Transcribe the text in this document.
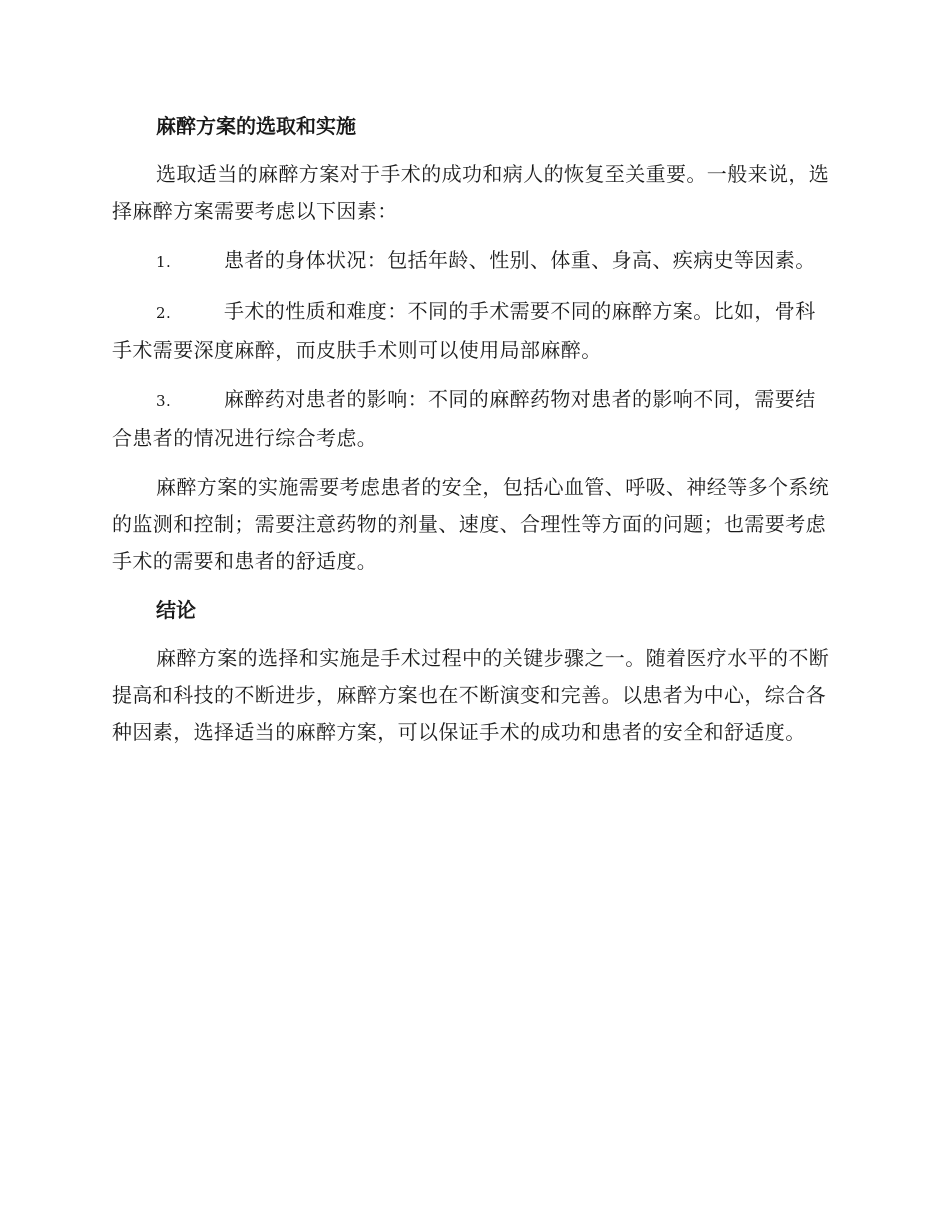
麻醉方案的选取和实施

选取适当的麻醉方案对于手术的成功和病人的恢复至关重要。一般来说，选择麻醉方案需要考虑以下因素：

1.	患者的身体状况：包括年龄、性别、体重、身高、疾病史等因素。

2.	手术的性质和难度：不同的手术需要不同的麻醉方案。比如，骨科手术需要深度麻醉，而皮肤手术则可以使用局部麻醉。

3.	麻醉药对患者的影响：不同的麻醉药物对患者的影响不同，需要结合患者的情况进行综合考虑。

麻醉方案的实施需要考虑患者的安全，包括心血管、呼吸、神经等多个系统的监测和控制；需要注意药物的剂量、速度、合理性等方面的问题；也需要考虑手术的需要和患者的舒适度。

结论

麻醉方案的选择和实施是手术过程中的关键步骤之一。随着医疗水平的不断提高和科技的不断进步，麻醉方案也在不断演变和完善。以患者为中心，综合各种因素，选择适当的麻醉方案，可以保证手术的成功和患者的安全和舒适度。
